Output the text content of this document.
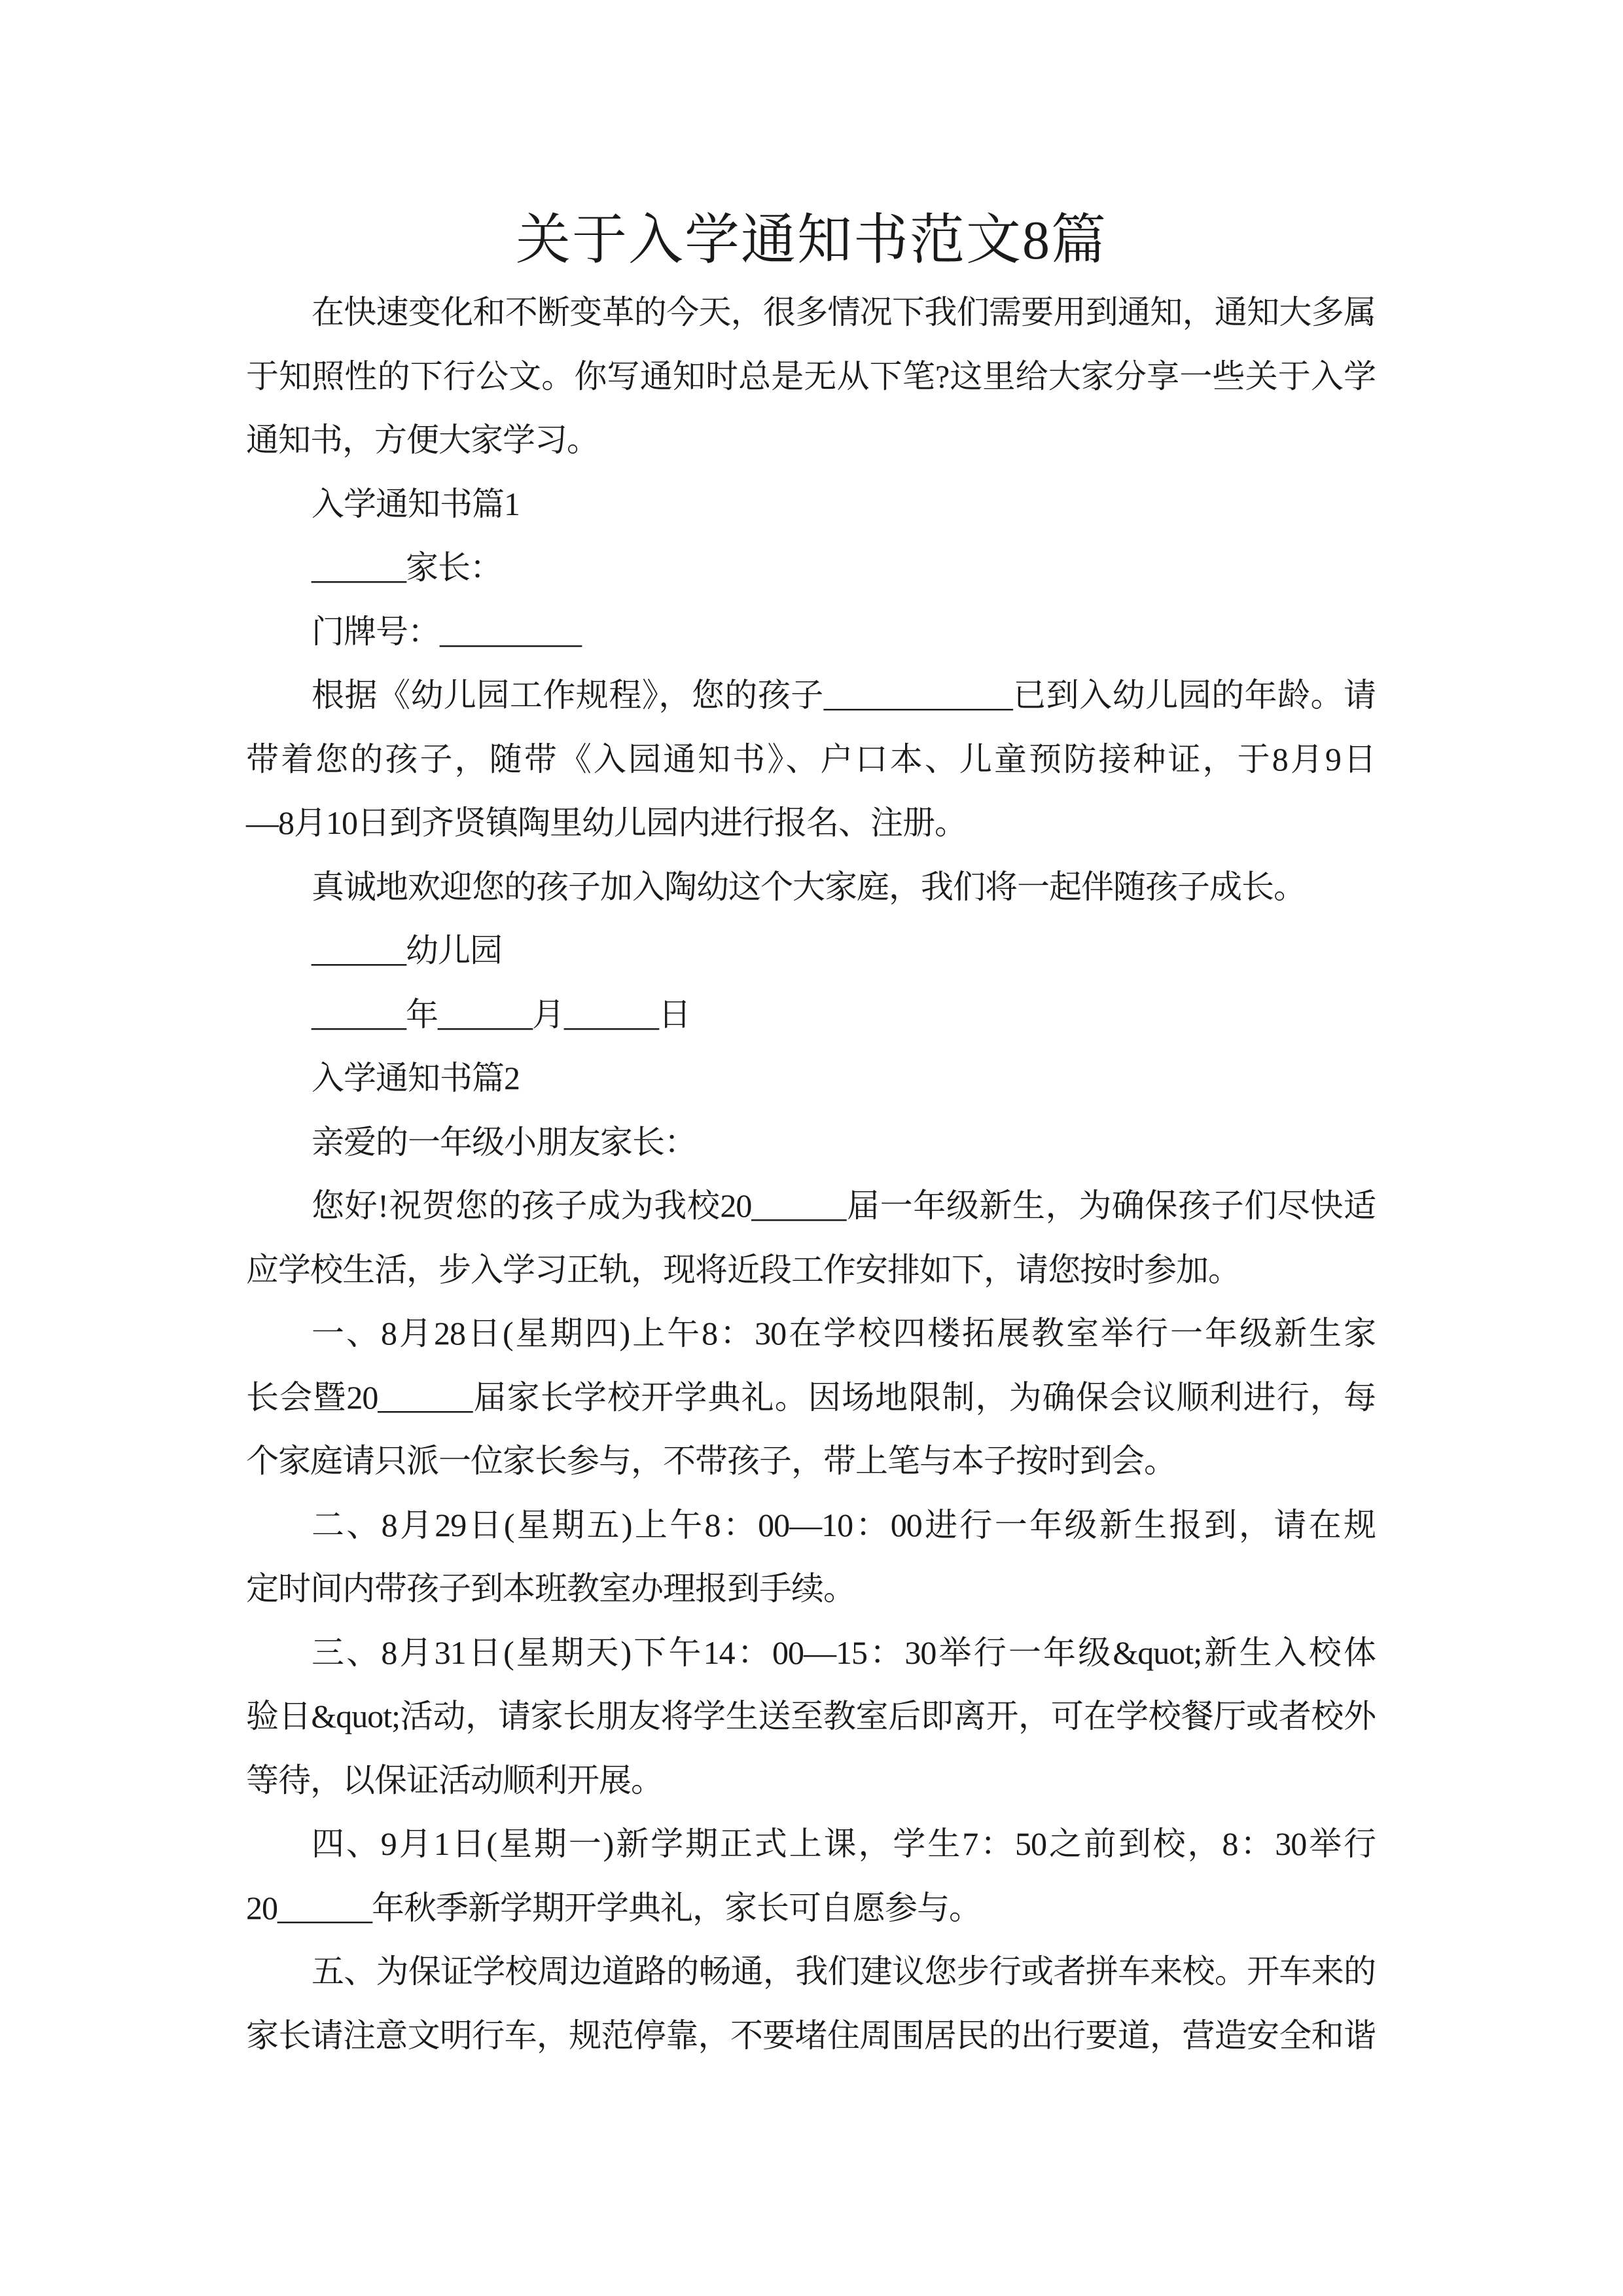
关于入学通知书范文8篇
在快速变化和不断变革的今天，很多情况下我们需要用到通知，通知大多属
于知照性的下行公文。你写通知时总是无从下笔?这里给大家分享一些关于入学
通知书，方便大家学习。
入学通知书篇1
______家长：
门牌号：_________
根据《幼儿园工作规程》，您的孩子____________已到入幼儿园的年龄。请
带着您的孩子，随带《入园通知书》、户口本、儿童预防接种证，于8月9日
—8月10日到齐贤镇陶里幼儿园内进行报名、注册。
真诚地欢迎您的孩子加入陶幼这个大家庭，我们将一起伴随孩子成长。
______幼儿园
______年______月______日
入学通知书篇2
亲爱的一年级小朋友家长：
您好!祝贺您的孩子成为我校20______届一年级新生，为确保孩子们尽快适
应学校生活，步入学习正轨，现将近段工作安排如下，请您按时参加。
一、8月28日(星期四)上午8：30在学校四楼拓展教室举行一年级新生家
长会暨20______届家长学校开学典礼。因场地限制，为确保会议顺利进行，每
个家庭请只派一位家长参与，不带孩子，带上笔与本子按时到会。
二、8月29日(星期五)上午8：00—10：00进行一年级新生报到，请在规
定时间内带孩子到本班教室办理报到手续。
三、8月31日(星期天)下午14：00—15：30举行一年级&quot;新生入校体
验日&quot;活动，请家长朋友将学生送至教室后即离开，可在学校餐厅或者校外
等待，以保证活动顺利开展。
四、9月1日(星期一)新学期正式上课，学生7：50之前到校，8：30举行
20______年秋季新学期开学典礼，家长可自愿参与。
五、为保证学校周边道路的畅通，我们建议您步行或者拼车来校。开车来的
家长请注意文明行车，规范停靠，不要堵住周围居民的出行要道，营造安全和谐
